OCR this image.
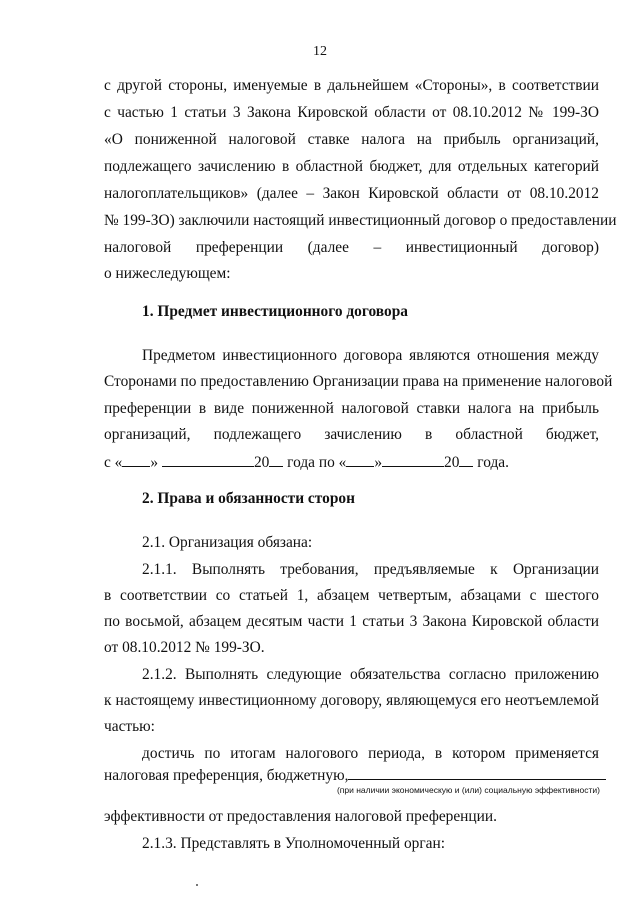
12
с другой стороны, именуемые в дальнейшем «Стороны», в соответствии
с частью 1 статьи 3 Закона Кировской области от 08.10.2012 № 199-ЗО
«О пониженной налоговой ставке налога на прибыль организаций,
подлежащего зачислению в областной бюджет, для отдельных категорий
налогоплательщиков» (далее – Закон Кировской области от 08.10.2012
№ 199-ЗО) заключили настоящий инвестиционный договор о предоставлении
налоговой преференции (далее – инвестиционный договор)
о нижеследующем:
1. Предмет инвестиционного договора
Предметом инвестиционного договора являются отношения между
Сторонами по предоставлению Организации права на применение налоговой
преференции в виде пониженной налоговой ставки налога на прибыль
организаций, подлежащего зачислению в областной бюджет,
с « »	20 года по « »	20 года.
2. Права и обязанности сторон
2.1. Организация обязана:
2.1.1. Выполнять требования, предъявляемые к Организации
в соответствии со статьей 1, абзацем четвертым, абзацами с шестого
по восьмой, абзацем десятым части 1 статьи 3 Закона Кировской области
от 08.10.2012 № 199-ЗО.
2.1.2. Выполнять следующие обязательства согласно приложению
к настоящему инвестиционному договору, являющемуся его неотъемлемой
частью:
достичь по итогам налогового периода, в котором применяется
налоговая преференция, бюджетную,
(при наличии экономическую и (или) социальную эффективности)
эффективности от предоставления налоговой преференции.
2.1.3. Представлять в Уполномоченный орган:
